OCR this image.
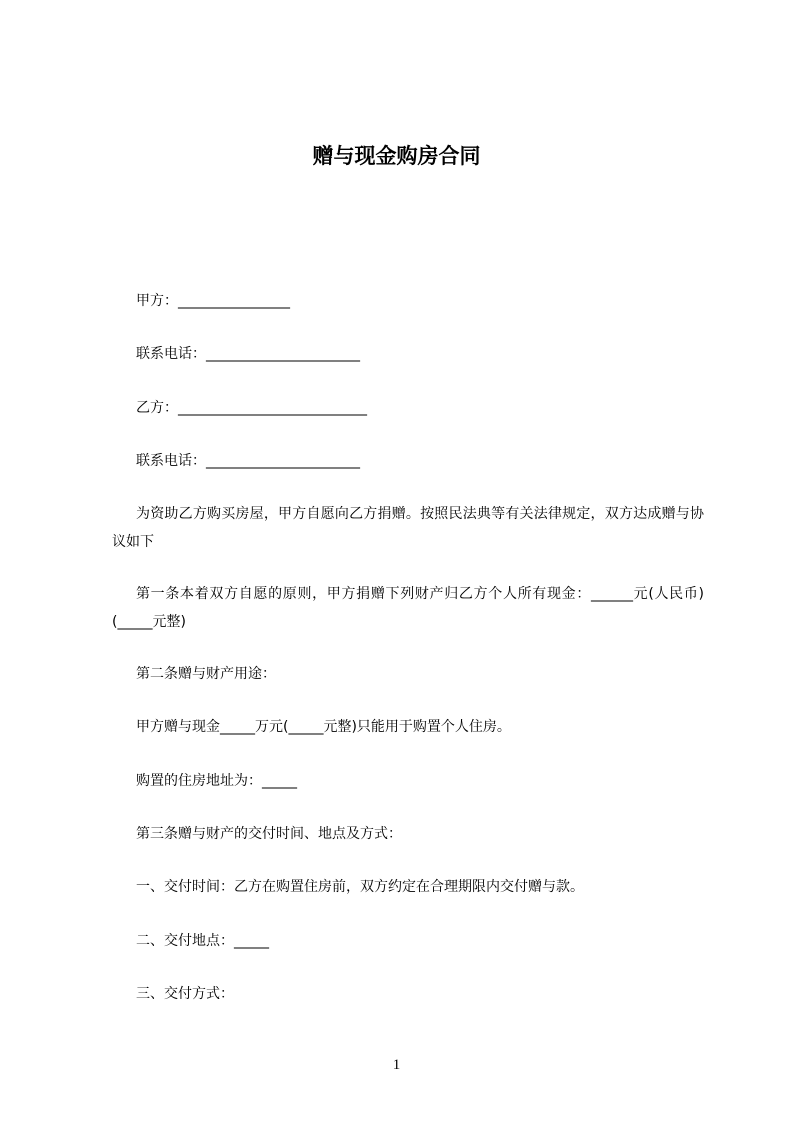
赠与现金购房合同
甲方：________________
联系电话：______________________
乙方：___________________________
联系电话：______________________
为资助乙方购买房屋，甲方自愿向乙方捐赠。按照民法典等有关法律规定，双方达成赠与协议如下
第一条本着双方自愿的原则，甲方捐赠下列财产归乙方个人所有现金：______元(人民币)(_____元整)
第二条赠与财产用途：
甲方赠与现金_____万元(_____元整)只能用于购置个人住房。
购置的住房地址为：_____
第三条赠与财产的交付时间、地点及方式：
一、交付时间：乙方在购置住房前，双方约定在合理期限内交付赠与款。
二、交付地点：_____
三、交付方式：
1
